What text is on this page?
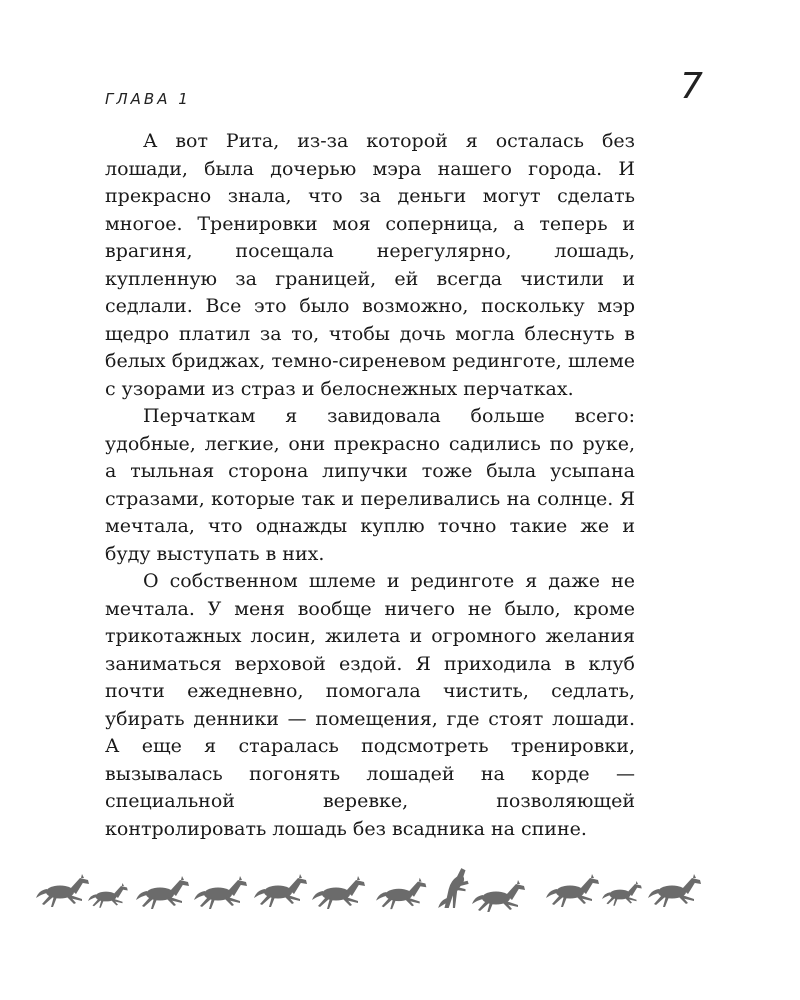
ГЛАВА 1	7

А вот Рита, из-за которой я осталась без лошади, была дочерью мэра нашего города. И прекрасно знала, что за деньги могут сделать многое. Тренировки моя соперница, а теперь и врагиня, посещала нерегулярно, лошадь, купленную за границей, ей всегда чистили и седлали. Все это было возможно, поскольку мэр щедро платил за то, чтобы дочь могла блеснуть в белых бриджах, темно-сиреневом рединготе, шлеме с узорами из страз и белоснежных перчатках.

Перчаткам я завидовала больше всего: удобные, легкие, они прекрасно садились по руке, а тыльная сторона липучки тоже была усыпана стразами, которые так и переливались на солнце. Я мечтала, что однажды куплю точно такие же и буду выступать в них.

О собственном шлеме и рединготе я даже не мечтала. У меня вообще ничего не было, кроме трикотажных лосин, жилета и огромного желания заниматься верховой ездой. Я приходила в клуб почти ежедневно, помогала чистить, седлать, убирать денники — помещения, где стоят лошади. А еще я старалась подсмотреть тренировки, вызывалась погонять лошадей на корде — специальной веревке, позволяющей контролировать лошадь без всадника на спине.
